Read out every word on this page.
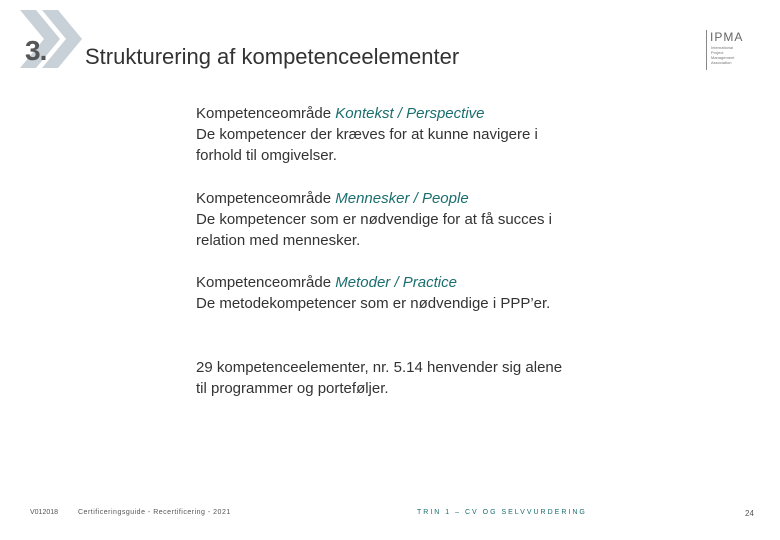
3. Strukturering af kompetenceelementer
IPMA
International
Project
Management
Association
Kompetenceområde Kontekst / Perspective
De kompetencer der kræves for at kunne navigere i forhold til omgivelser.
Kompetenceområde Mennesker / People
De kompetencer som er nødvendige for at få succes i relation med mennesker.
Kompetenceområde Metoder / Practice
De metodekompetencer som er nødvendige i PPP’er.
29 kompetenceelementer, nr. 5.14 henvender sig alene til programmer og porteføljer.
V012018	Certificeringsguide - Recertificering - 2021	TRIN 1 – CV OG SELVVURDERING	24
